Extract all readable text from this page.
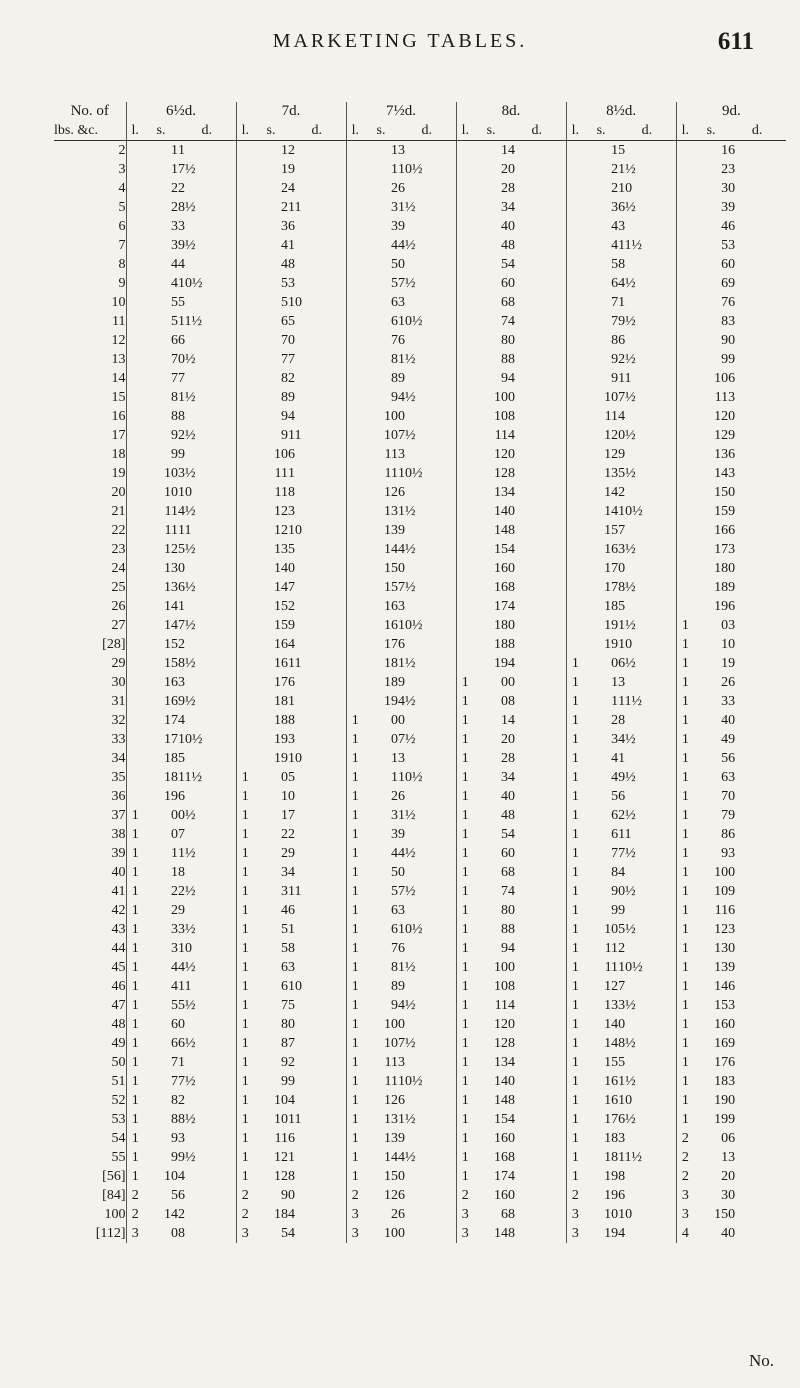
MARKETING TABLES.	611
No. of	6½d.			7d.			7½d.			8d.			8½d.			9d.		
lbs. &c.	l.	s.	d.	l.	s.	d.	l.	s.	d.	l.	s.	d.	l.	s.	d.	l.	s.	d.
2		1	1		1	2		1	3		1	4		1	5		1	6
3		1	7½		1	9		1	10½		2	0		2	1½		2	3
4		2	2		2	4		2	6		2	8		2	10		3	0
5		2	8½		2	11		3	1½		3	4		3	6½		3	9
6		3	3		3	6		3	9		4	0		4	3		4	6
7		3	9½		4	1		4	4½		4	8		4	11½		5	3
8		4	4		4	8		5	0		5	4		5	8		6	0
9		4	10½		5	3		5	7½		6	0		6	4½		6	9
10		5	5		5	10		6	3		6	8		7	1		7	6
11		5	11½		6	5		6	10½		7	4		7	9½		8	3
12		6	6		7	0		7	6		8	0		8	6		9	0
13		7	0½		7	7		8	1½		8	8		9	2½		9	9
14		7	7		8	2		8	9		9	4		9	11		10	6
15		8	1½		8	9		9	4½		10	0		10	7½		11	3
16		8	8		9	4		10	0		10	8		11	4		12	0
17		9	2½		9	11		10	7½		11	4		12	0½		12	9
18		9	9		10	6		11	3		12	0		12	9		13	6
19		10	3½		11	1		11	10½		12	8		13	5½		14	3
20		10	10		11	8		12	6		13	4		14	2		15	0
21		11	4½		12	3		13	1½		14	0		14	10½		15	9
22		11	11		12	10		13	9		14	8		15	7		16	6
23		12	5½		13	5		14	4½		15	4		16	3½		17	3
24		13	0		14	0		15	0		16	0		17	0		18	0
25		13	6½		14	7		15	7½		16	8		17	8½		18	9
26		14	1		15	2		16	3		17	4		18	5		19	6
27		14	7½		15	9		16	10½		18	0		19	1½	1	0	3
[28]		15	2		16	4		17	6		18	8		19	10	1	1	0
29		15	8½		16	11		18	1½		19	4	1	0	6½	1	1	9
30		16	3		17	6		18	9	1	0	0	1	1	3	1	2	6
31		16	9½		18	1		19	4½	1	0	8	1	1	11½	1	3	3
32		17	4		18	8	1	0	0	1	1	4	1	2	8	1	4	0
33		17	10½		19	3	1	0	7½	1	2	0	1	3	4½	1	4	9
34		18	5		19	10	1	1	3	1	2	8	1	4	1	1	5	6
35		18	11½	1	0	5	1	1	10½	1	3	4	1	4	9½	1	6	3
36		19	6	1	1	0	1	2	6	1	4	0	1	5	6	1	7	0
37	1	0	0½	1	1	7	1	3	1½	1	4	8	1	6	2½	1	7	9
38	1	0	7	1	2	2	1	3	9	1	5	4	1	6	11	1	8	6
39	1	1	1½	1	2	9	1	4	4½	1	6	0	1	7	7½	1	9	3
40	1	1	8	1	3	4	1	5	0	1	6	8	1	8	4	1	10	0
41	1	2	2½	1	3	11	1	5	7½	1	7	4	1	9	0½	1	10	9
42	1	2	9	1	4	6	1	6	3	1	8	0	1	9	9	1	11	6
43	1	3	3½	1	5	1	1	6	10½	1	8	8	1	10	5½	1	12	3
44	1	3	10	1	5	8	1	7	6	1	9	4	1	11	2	1	13	0
45	1	4	4½	1	6	3	1	8	1½	1	10	0	1	11	10½	1	13	9
46	1	4	11	1	6	10	1	8	9	1	10	8	1	12	7	1	14	6
47	1	5	5½	1	7	5	1	9	4½	1	11	4	1	13	3½	1	15	3
48	1	6	0	1	8	0	1	10	0	1	12	0	1	14	0	1	16	0
49	1	6	6½	1	8	7	1	10	7½	1	12	8	1	14	8½	1	16	9
50	1	7	1	1	9	2	1	11	3	1	13	4	1	15	5	1	17	6
51	1	7	7½	1	9	9	1	11	10½	1	14	0	1	16	1½	1	18	3
52	1	8	2	1	10	4	1	12	6	1	14	8	1	16	10	1	19	0
53	1	8	8½	1	10	11	1	13	1½	1	15	4	1	17	6½	1	19	9
54	1	9	3	1	11	6	1	13	9	1	16	0	1	18	3	2	0	6
55	1	9	9½	1	12	1	1	14	4½	1	16	8	1	18	11½	2	1	3
[56]	1	10	4	1	12	8	1	15	0	1	17	4	1	19	8	2	2	0
[84]	2	5	6	2	9	0	2	12	6	2	16	0	2	19	6	3	3	0
100	2	14	2	2	18	4	3	2	6	3	6	8	3	10	10	3	15	0
[112]	3	0	8	3	5	4	3	10	0	3	14	8	3	19	4	4	4	0
No.
